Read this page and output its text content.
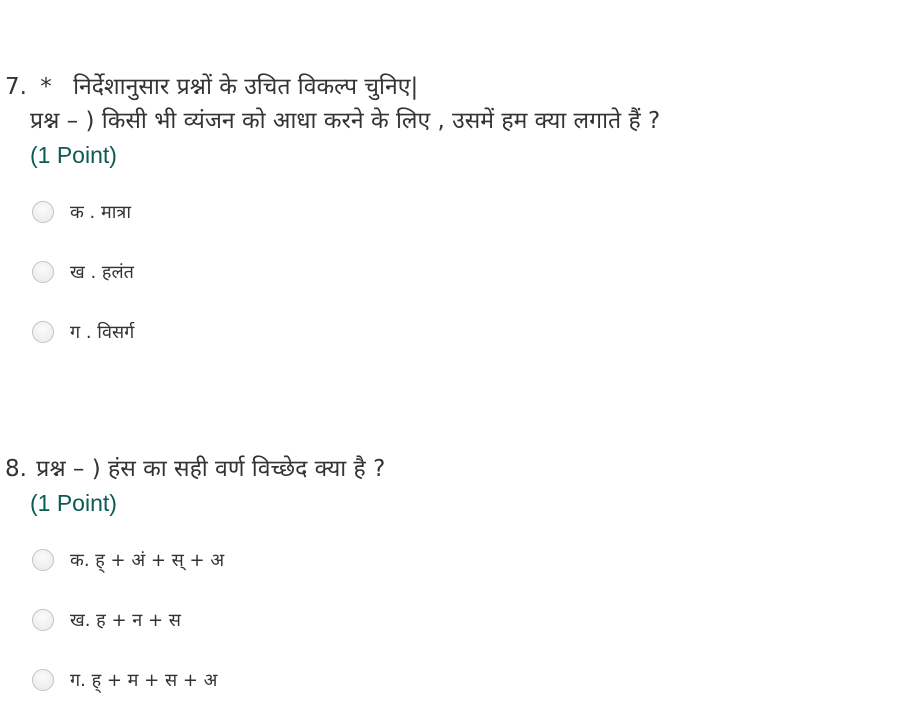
7. * निर्देशानुसार प्रश्नों के उचित विकल्प चुनिए|
प्रश्न – ) किसी भी व्यंजन को आधा करने के लिए , उसमें हम क्या लगाते हैं ?
(1 Point)
क . मात्रा
ख . हलंत
ग . विसर्ग
8. प्रश्न – ) हंस का सही वर्ण विच्छेद क्या है ?
(1 Point)
क. ह् + अं + स् + अ
ख. ह + न + स
ग. ह् + म + स + अ
